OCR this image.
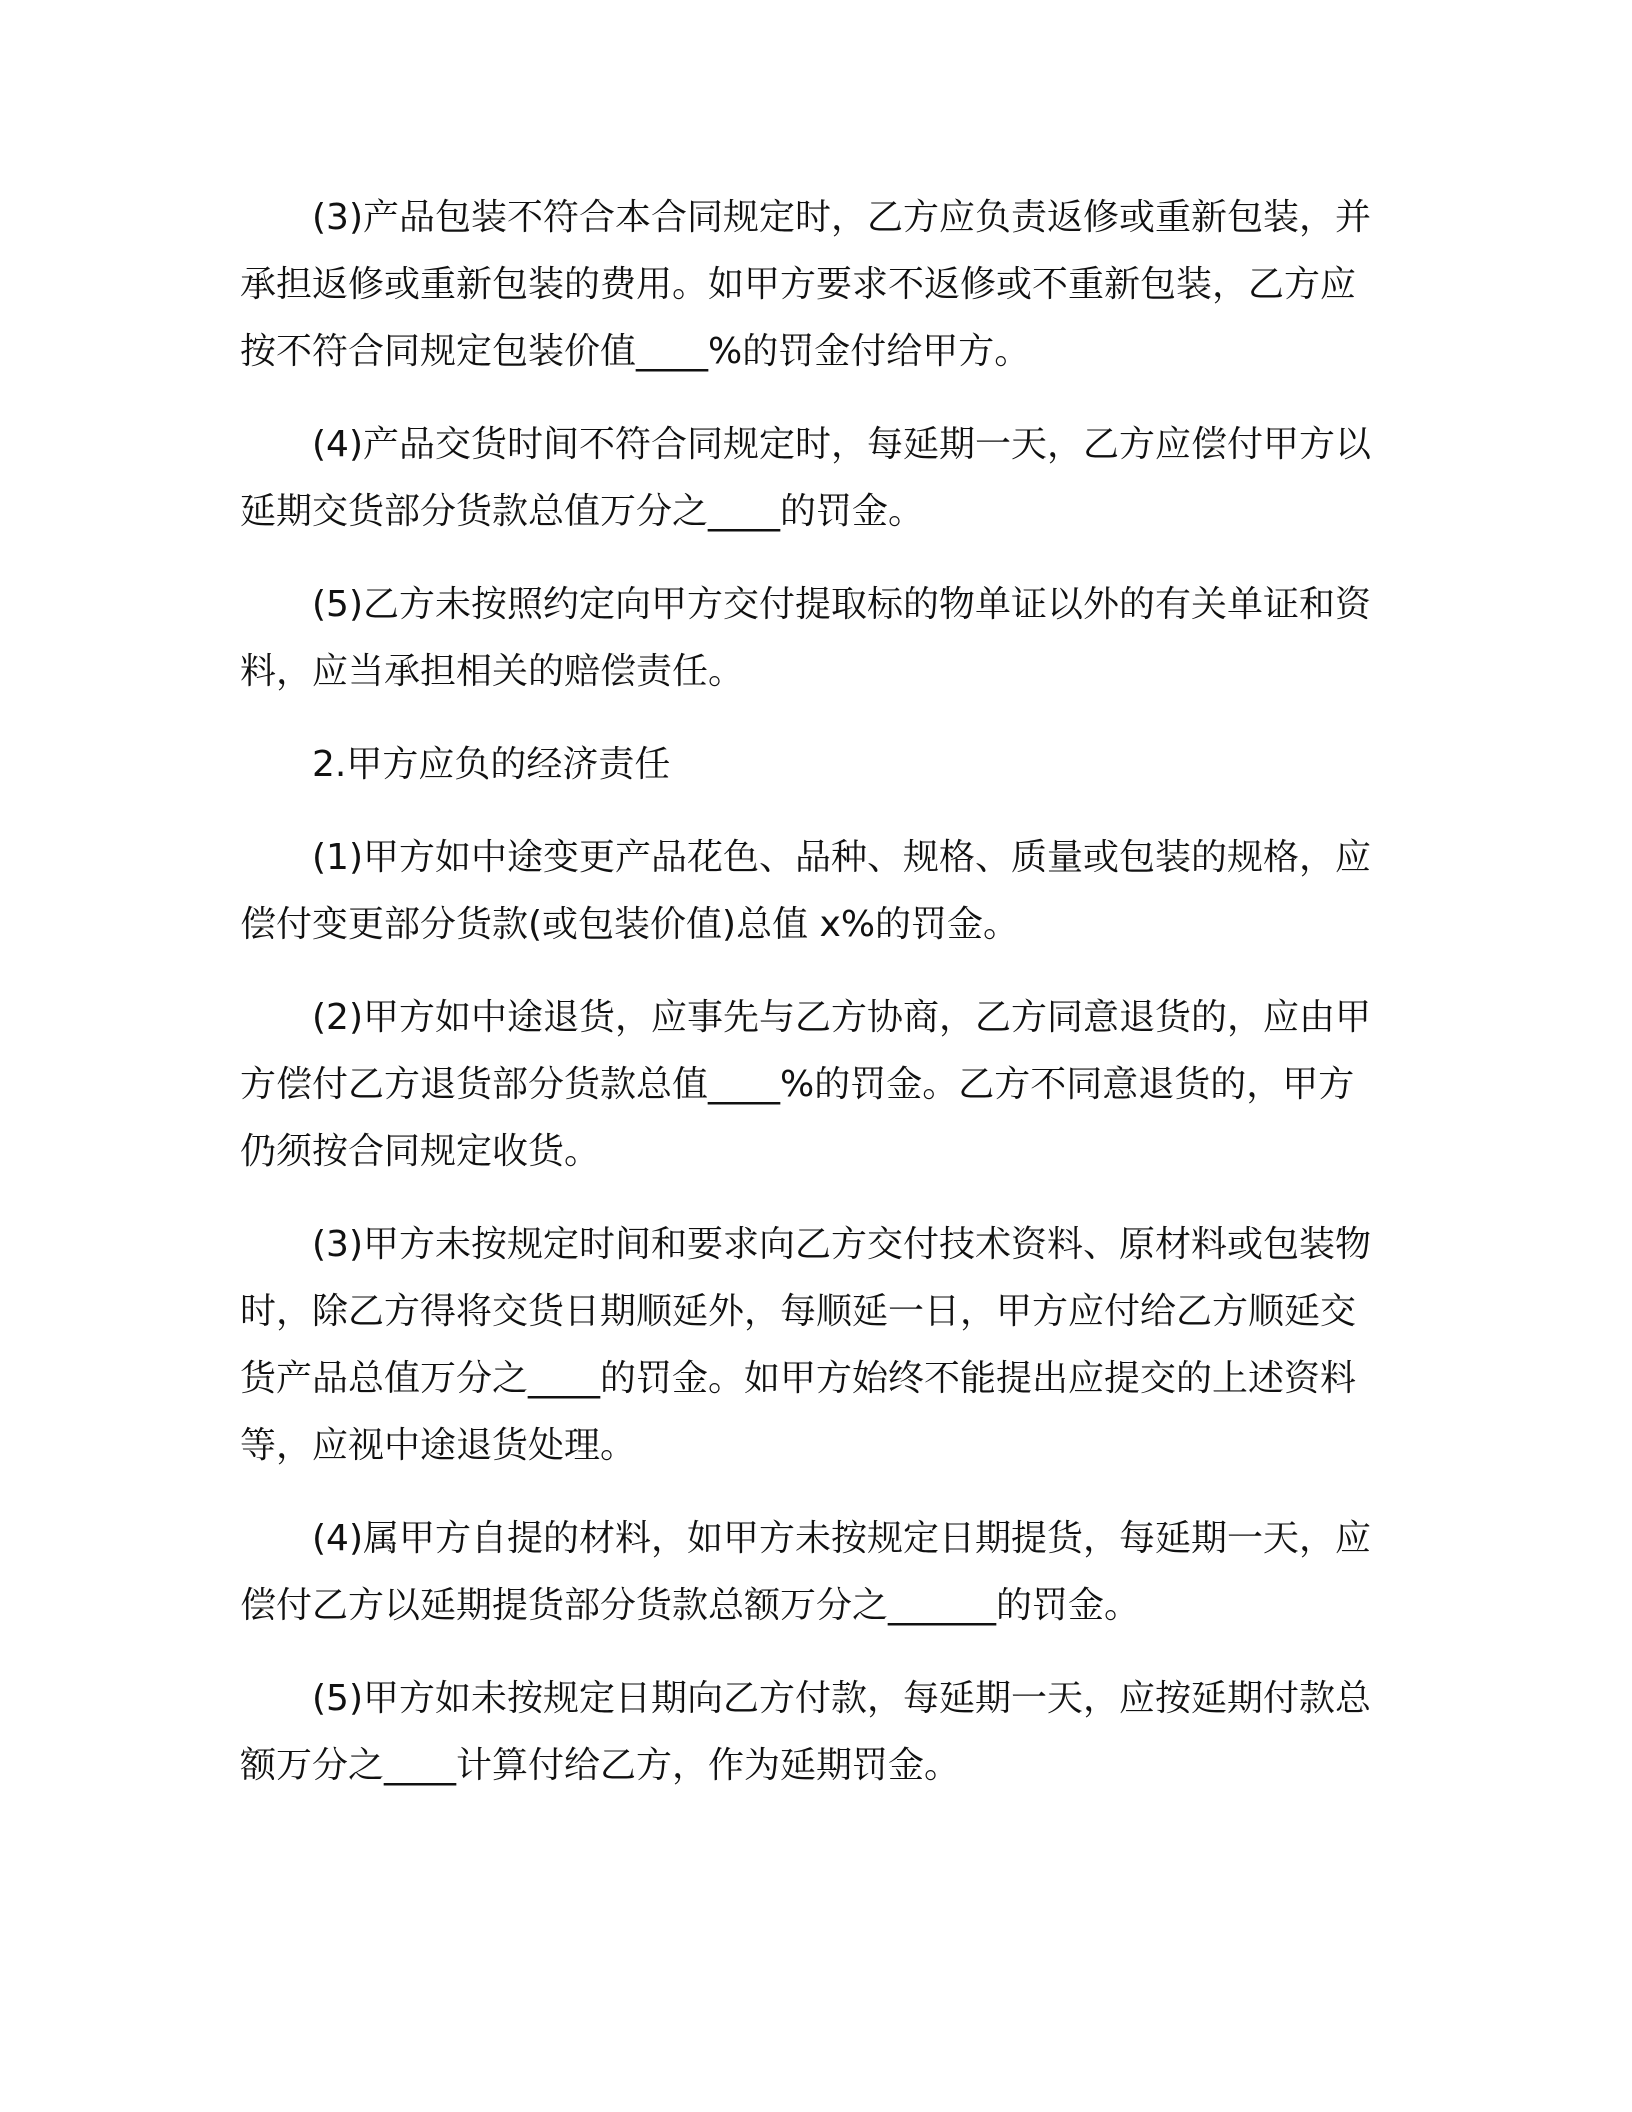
(3)产品包装不符合本合同规定时，乙方应负责返修或重新包装，并承担返修或重新包装的费用。如甲方要求不返修或不重新包装，乙方应按不符合同规定包装价值____%的罚金付给甲方。

(4)产品交货时间不符合同规定时，每延期一天，乙方应偿付甲方以延期交货部分货款总值万分之____的罚金。

(5)乙方未按照约定向甲方交付提取标的物单证以外的有关单证和资料，应当承担相关的赔偿责任。

2.甲方应负的经济责任

(1)甲方如中途变更产品花色、品种、规格、质量或包装的规格，应偿付变更部分货款(或包装价值)总值 x%的罚金。

(2)甲方如中途退货，应事先与乙方协商，乙方同意退货的，应由甲方偿付乙方退货部分货款总值____%的罚金。乙方不同意退货的，甲方仍须按合同规定收货。

(3)甲方未按规定时间和要求向乙方交付技术资料、原材料或包装物时，除乙方得将交货日期顺延外，每顺延一日，甲方应付给乙方顺延交货产品总值万分之____的罚金。如甲方始终不能提出应提交的上述资料等，应视中途退货处理。

(4)属甲方自提的材料，如甲方未按规定日期提货，每延期一天，应偿付乙方以延期提货部分货款总额万分之______的罚金。

(5)甲方如未按规定日期向乙方付款，每延期一天，应按延期付款总额万分之____计算付给乙方，作为延期罚金。
